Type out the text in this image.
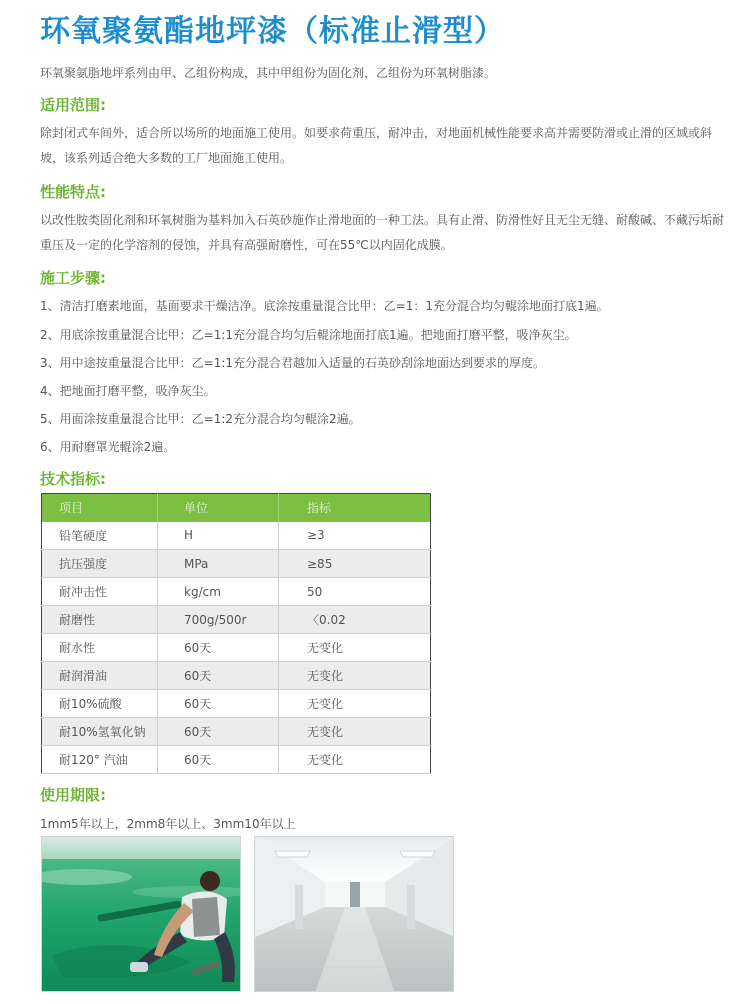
环氧聚氨酯地坪漆（标准止滑型）
环氧聚氨脂地坪系列由甲、乙组份构成，其中甲组份为固化剂，乙组份为环氧树脂漆。
适用范围:
除封闭式车间外，适合所以场所的地面施工使用。如要求荷重压，耐冲击，对地面机械性能要求高并需要防滑或止滑的区域或斜坡，该系列适合绝大多数的工厂地面施工使用。
性能特点:
以改性胺类固化剂和环氧树脂为基料加入石英砂施作止滑地面的一种工法。具有止滑、防滑性好且无尘无缝、耐酸碱、不藏污垢耐重压及一定的化学溶剂的侵蚀，并具有高强耐磨性，可在55℃以内固化成膜。
施工步骤:
1、清洁打磨素地面，基面要求干燥洁净。底涂按重量混合比甲：乙=1：1充分混合均匀輥涂地面打底1遍。
2、用底涂按重量混合比甲：乙=1:1充分混合均匀后輥涂地面打底1遍。把地面打磨平整，吸净灰尘。
3、用中途按重量混合比甲：乙=1:1充分混合君越加入适量的石英砂刮涂地面达到要求的厚度。
4、把地面打磨平整，吸净灰尘。
5、用面涂按重量混合比甲：乙=1:2充分混合均匀輥涂2遍。
6、用耐磨罩光輥涂2遍。
技术指标:
项目	单位	指标
铅笔硬度	H	≥3
抗压强度	MPa	≥85
耐冲击性	kg/cm	50
耐磨性	700g/500r	〈0.02
耐水性	60天	无变化
耐润滑油	60天	无变化
耐10%硫酸	60天	无变化
耐10%氢氧化钠	60天	无变化
耐120° 汽油	60天	无变化
使用期限:
1mm5年以上，2mm8年以上、3mm10年以上
